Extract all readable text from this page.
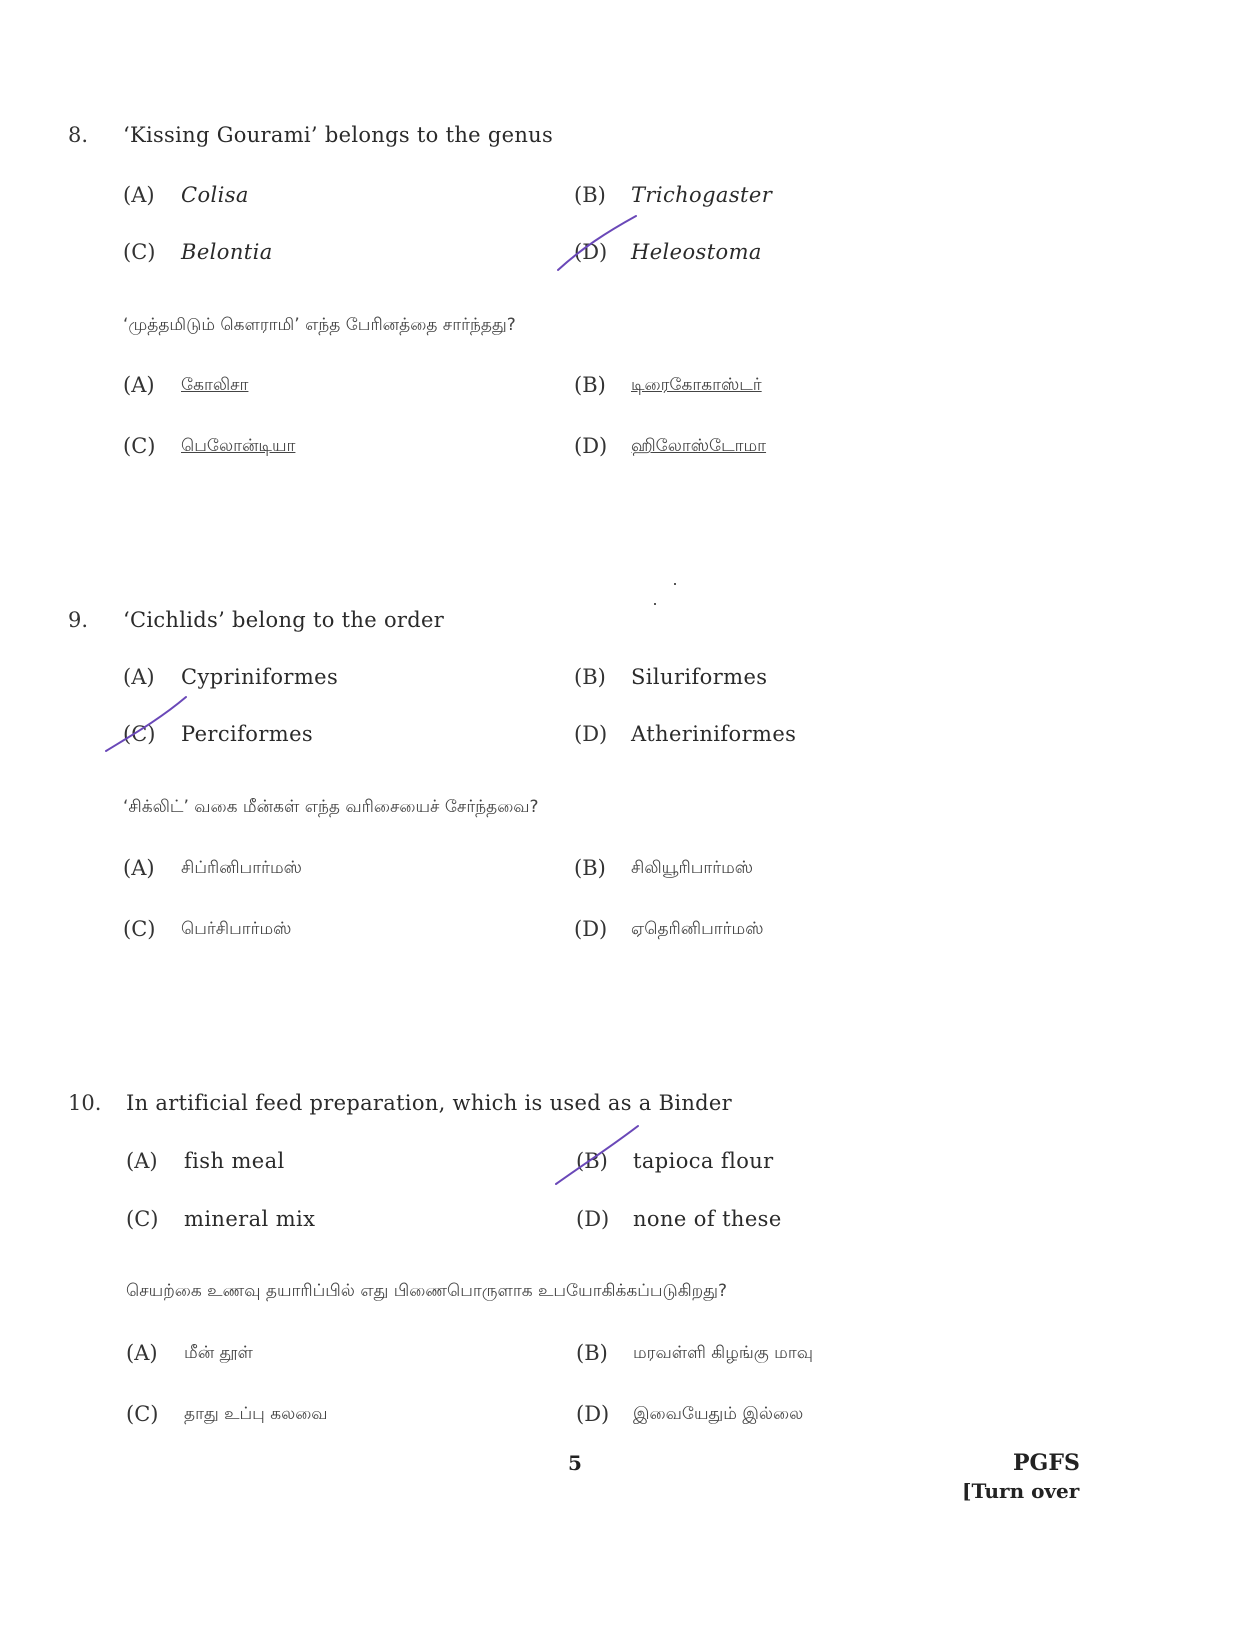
8. ‘Kissing Gourami’ belongs to the genus
(A) Colisa	(B) Trichogaster
(C) Belontia	(D) Heleostoma
‘முத்தமிடும் கௌராமி’ எந்த பேரினத்தை சார்ந்தது?
(A) கோலிசா	(B) டிரைகோகாஸ்டர்
(C) பெலோன்டியா	(D) ஹிலோஸ்டோமா
9. ‘Cichlids’ belong to the order
(A) Cypriniformes	(B) Siluriformes
(C) Perciformes	(D) Atheriniformes
‘சிக்லிட்’ வகை மீன்கள் எந்த வரிசையைச் சேர்ந்தவை?
(A) சிப்ரினிபார்மஸ்	(B) சிலியூரிபார்மஸ்
(C) பெர்சிபார்மஸ்	(D) ஏதெரினிபார்மஸ்
10. In artificial feed preparation, which is used as a Binder
(A) fish meal	(B) tapioca flour
(C) mineral mix	(D) none of these
செயற்கை உணவு தயாரிப்பில் எது பிணைபொருளாக உபயோகிக்கப்படுகிறது?
(A) மீன் தூள்	(B) மரவள்ளி கிழங்கு மாவு
(C) தாது உப்பு கலவை	(D) இவையேதும் இல்லை
5	PGFS
[Turn over
